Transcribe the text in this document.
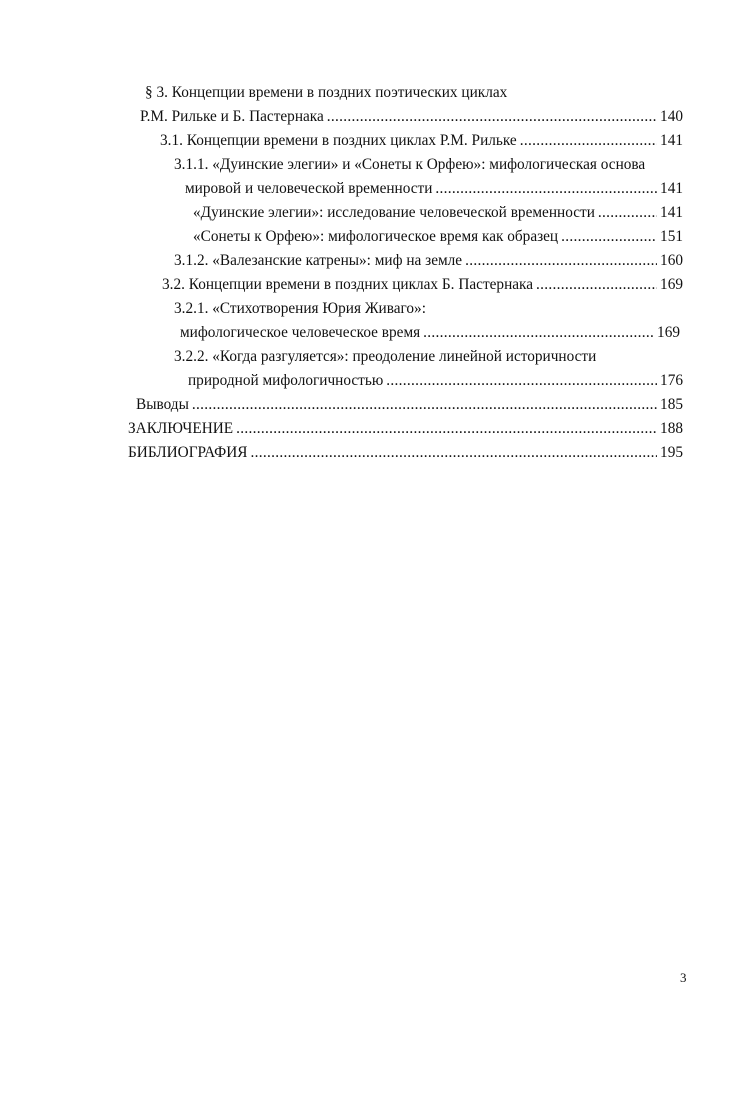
§ 3. Концепции времени в поздних поэтических циклах
Р.М. Рильке и Б. Пастернака .....	140
3.1. Концепции времени в поздних циклах Р.М. Рильке .....	141
3.1.1. «Дуинские элегии» и «Сонеты к Орфею»: мифологическая основа
мировой и человеческой временности .....	141
«Дуинские элегии»: исследование человеческой временности .....	141
«Сонеты к Орфею»: мифологическое время как образец .....	151
3.1.2. «Валезанские катрены»: миф на земле .....	160
3.2. Концепции времени в поздних циклах Б. Пастернака .....	169
3.2.1. «Стихотворения Юрия Живаго»:
мифологическое человеческое время .....	169
3.2.2. «Когда разгуляется»: преодоление линейной историчности
природной мифологичностью .....	176
Выводы .....	185
ЗАКЛЮЧЕНИЕ .....	188
БИБЛИОГРАФИЯ .....	195
3
